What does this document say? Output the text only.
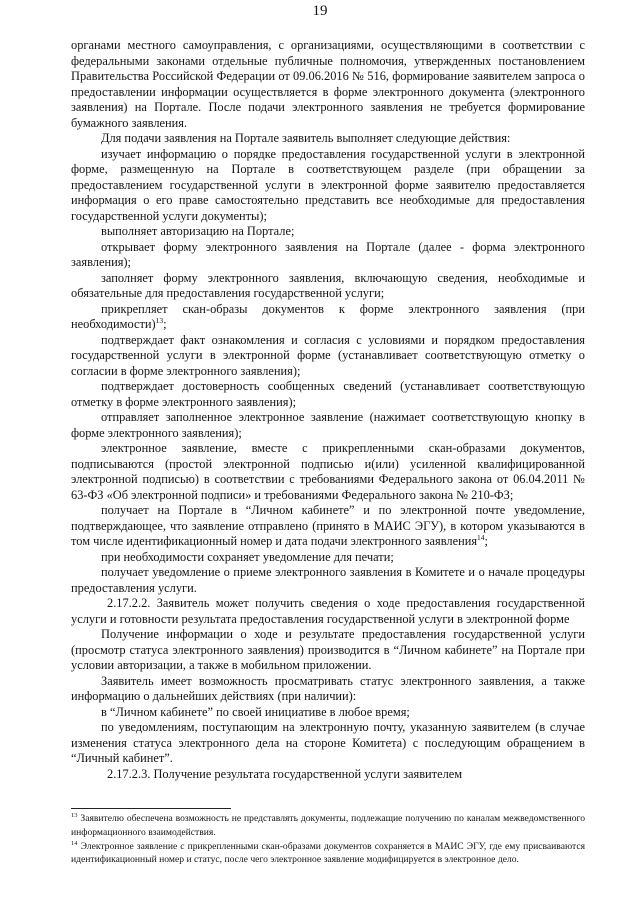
19

органами местного самоуправления, с организациями, осуществляющими в соответствии с федеральными законами отдельные публичные полномочия, утвержденных постановлением Правительства Российской Федерации от 09.06.2016 № 516, формирование заявителем запроса о предоставлении информации осуществляется в форме электронного документа (электронного заявления) на Портале. После подачи электронного заявления не требуется формирование бумажного заявления.

Для подачи заявления на Портале заявитель выполняет следующие действия:

изучает информацию о порядке предоставления государственной услуги в электронной форме, размещенную на Портале в соответствующем разделе (при обращении за предоставлением государственной услуги в электронной форме заявителю предоставляется информация о его праве самостоятельно представить все необходимые для предоставления государственной услуги документы);

выполняет авторизацию на Портале;

открывает форму электронного заявления на Портале (далее - форма электронного заявления);

заполняет форму электронного заявления, включающую сведения, необходимые и обязательные для предоставления государственной услуги;

прикрепляет скан-образы документов к форме электронного заявления (при необходимости)$^{13}$;

подтверждает факт ознакомления и согласия с условиями и порядком предоставления государственной услуги в электронной форме (устанавливает соответствующую отметку о согласии в форме электронного заявления);

подтверждает достоверность сообщенных сведений (устанавливает соответствующую отметку в форме электронного заявления);

отправляет заполненное электронное заявление (нажимает соответствующую кнопку в форме электронного заявления);

электронное заявление, вместе с прикрепленными скан-образами документов, подписываются (простой электронной подписью и(или) усиленной квалифицированной электронной подписью) в соответствии с требованиями Федерального закона от 06.04.2011 № 63-ФЗ «Об электронной подписи» и требованиями Федерального закона № 210-ФЗ;

получает на Портале в “Личном кабинете” и по электронной почте уведомление, подтверждающее, что заявление отправлено (принято в МАИС ЭГУ), в котором указываются в том числе идентификационный номер и дата подачи электронного заявления$^{14}$;

при необходимости сохраняет уведомление для печати;

получает уведомление о приеме электронного заявления в Комитете и о начале процедуры предоставления услуги.

2.17.2.2. Заявитель может получить сведения о ходе предоставления государственной услуги и готовности результата предоставления государственной услуги в электронной форме

Получение информации о ходе и результате предоставления государственной услуги (просмотр статуса электронного заявления) производится в “Личном кабинете” на Портале при условии авторизации, а также в мобильном приложении.

Заявитель имеет возможность просматривать статус электронного заявления, а также информацию о дальнейших действиях (при наличии):

в “Личном кабинете” по своей инициативе в любое время;

по уведомлениям, поступающим на электронную почту, указанную заявителем (в случае изменения статуса электронного дела на стороне Комитета) с последующим обращением в “Личный кабинет”.

2.17.2.3. Получение результата государственной услуги заявителем

$^{13}$ Заявителю обеспечена возможность не представлять документы, подлежащие получению по каналам межведомственного информационного взаимодействия.

$^{14}$ Электронное заявление с прикрепленными скан-образами документов сохраняется в МАИС ЭГУ, где ему присваиваются идентификационный номер и статус, после чего электронное заявление модифицируется в электронное дело.
